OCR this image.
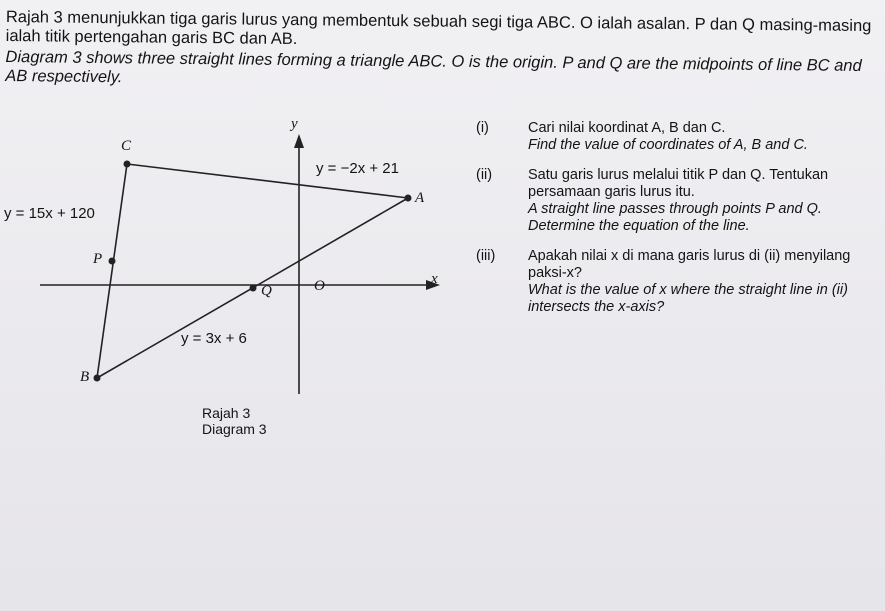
Rajah 3 menunjukkan tiga garis lurus yang membentuk sebuah segi tiga ABC. O ialah asalan. P dan Q masing-masing ialah titik pertengahan garis BC dan AB.

Diagram 3 shows three straight lines forming a triangle ABC. O is the origin. P and Q are the midpoints of line BC and AB respectively.

y
x
O
C
A
B
P
Q
y = −2x + 21
y = 15x + 120
y = 3x + 6
Rajah 3
Diagram 3
(i)	Cari nilai koordinat A, B dan C.

Find the value of coordinates of A, B and C.

(ii) Satu garis lurus melalui titik P dan Q. Tentukan persamaan garis lurus itu.

A straight line passes through points P and Q. Determine the equation of the line.

(iii) Apakah nilai x di mana garis lurus di (ii) menyilang paksi-x?

What is the value of x where the straight line in (ii) intersects the x-axis?
